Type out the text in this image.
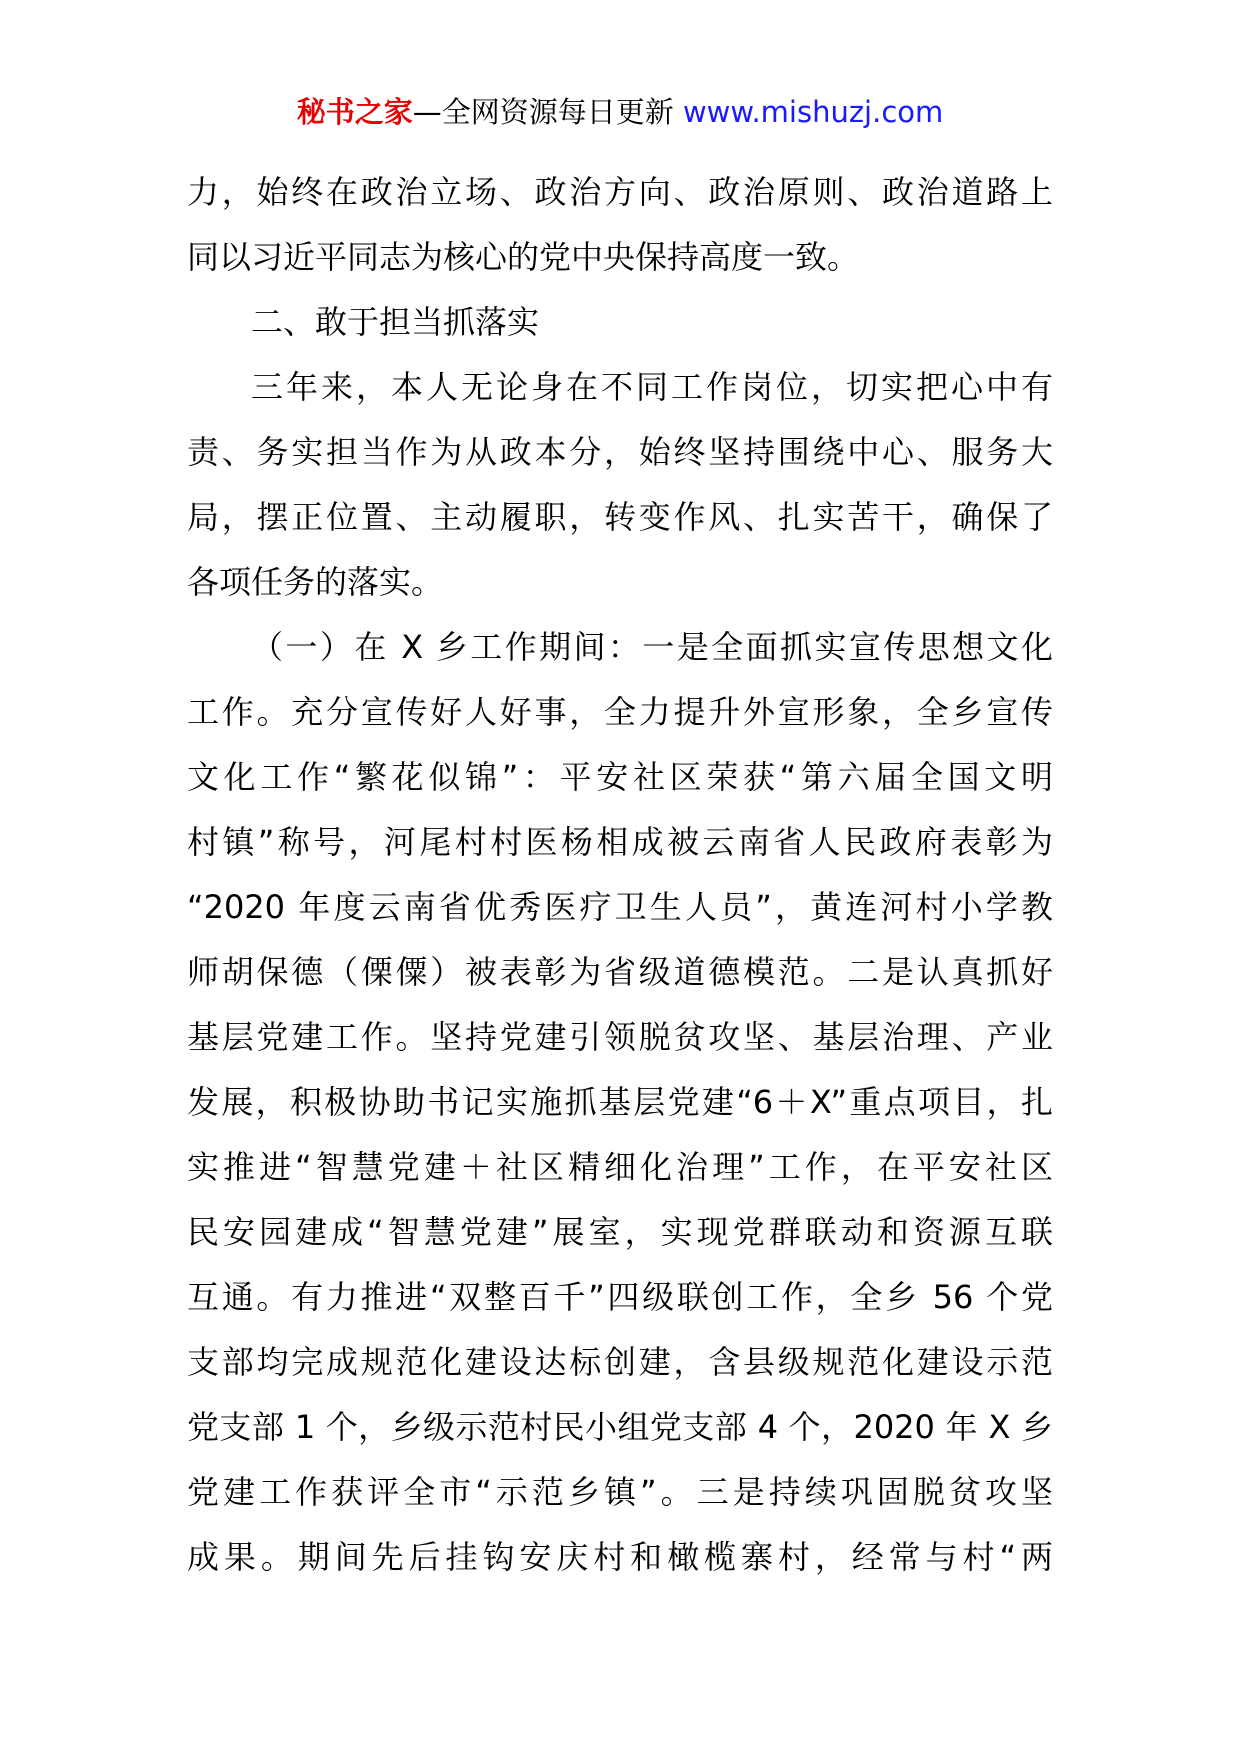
秘书之家—全网资源每日更新 www.mishuzj.com
力，始终在政治立场、政治方向、政治原则、政治道路上
同以习近平同志为核心的党中央保持高度一致。
二、敢于担当抓落实
三年来，本人无论身在不同工作岗位，切实把心中有
责、务实担当作为从政本分，始终坚持围绕中心、服务大
局，摆正位置、主动履职，转变作风、扎实苦干，确保了
各项任务的落实。
（一）在 X 乡工作期间：一是全面抓实宣传思想文化
工作。充分宣传好人好事，全力提升外宣形象，全乡宣传
文化工作“繁花似锦”：平安社区荣获“第六届全国文明
村镇”称号，河尾村村医杨相成被云南省人民政府表彰为
“2020 年度云南省优秀医疗卫生人员”，黄连河村小学教
师胡保德（傈僳）被表彰为省级道德模范。二是认真抓好
基层党建工作。坚持党建引领脱贫攻坚、基层治理、产业
发展，积极协助书记实施抓基层党建“6＋X”重点项目，扎
实推进“智慧党建＋社区精细化治理”工作，在平安社区
民安园建成“智慧党建”展室，实现党群联动和资源互联
互通。有力推进“双整百千”四级联创工作，全乡 56 个党
支部均完成规范化建设达标创建，含县级规范化建设示范
党支部 1 个，乡级示范村民小组党支部 4 个，2020 年 X 乡
党建工作获评全市“示范乡镇”。三是持续巩固脱贫攻坚
成果。期间先后挂钩安庆村和橄榄寨村，经常与村“两
